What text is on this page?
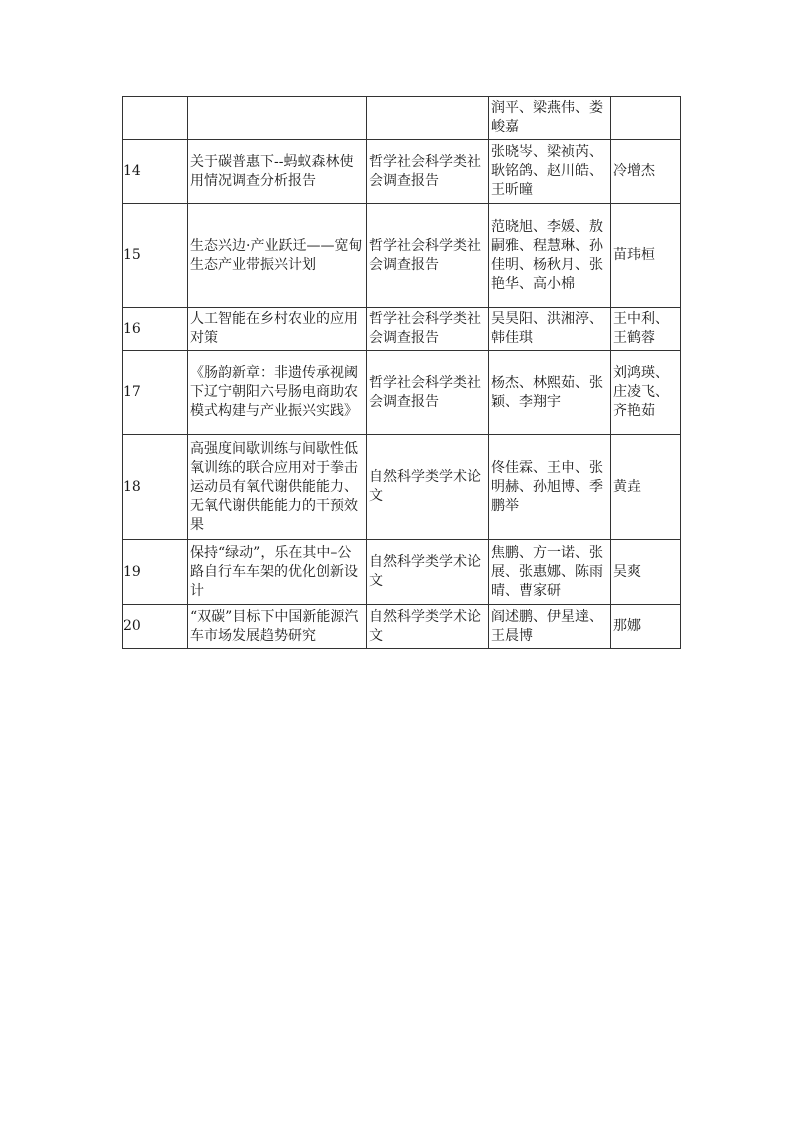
			润平、梁燕伟、娄峻嘉	
14	关于碳普惠下--蚂蚁森林使用情况调查分析报告	哲学社会科学类社会调查报告	张晓岑、梁祯芮、耿铭鸽、赵川皓、王昕曈	冷增杰
15	生态兴边·产业跃迁——宽甸生态产业带振兴计划	哲学社会科学类社会调查报告	范晓旭、李媛、敖嗣雅、程慧琳、孙佳明、杨秋月、张艳华、高小棉	苗玮桓
16	人工智能在乡村农业的应用对策	哲学社会科学类社会调查报告	吴昊阳、洪湘渟、韩佳琪	王中利、王鹤蓉
17	《肠韵新章：非遗传承视阈下辽宁朝阳六号肠电商助农模式构建与产业振兴实践》	哲学社会科学类社会调查报告	杨杰、林熙茹、张颖、李翔宇	刘鸿瑛、庄凌飞、齐艳茹
18	高强度间歇训练与间歇性低氧训练的联合应用对于拳击运动员有氧代谢供能能力、无氧代谢供能能力的干预效果	自然科学类学术论文	佟佳霖、王申、张明赫、孙旭博、季鹏举	黄垚
19	保持“绿动”，乐在其中–公路自行车车架的优化创新设计	自然科学类学术论文	焦鹏、方一诺、张展、张惠娜、陈雨晴、曹家研	吴爽
20	“双碳”目标下中国新能源汽车市场发展趋势研究	自然科学类学术论文	阎述鹏、伊星達、王晨博	那娜
